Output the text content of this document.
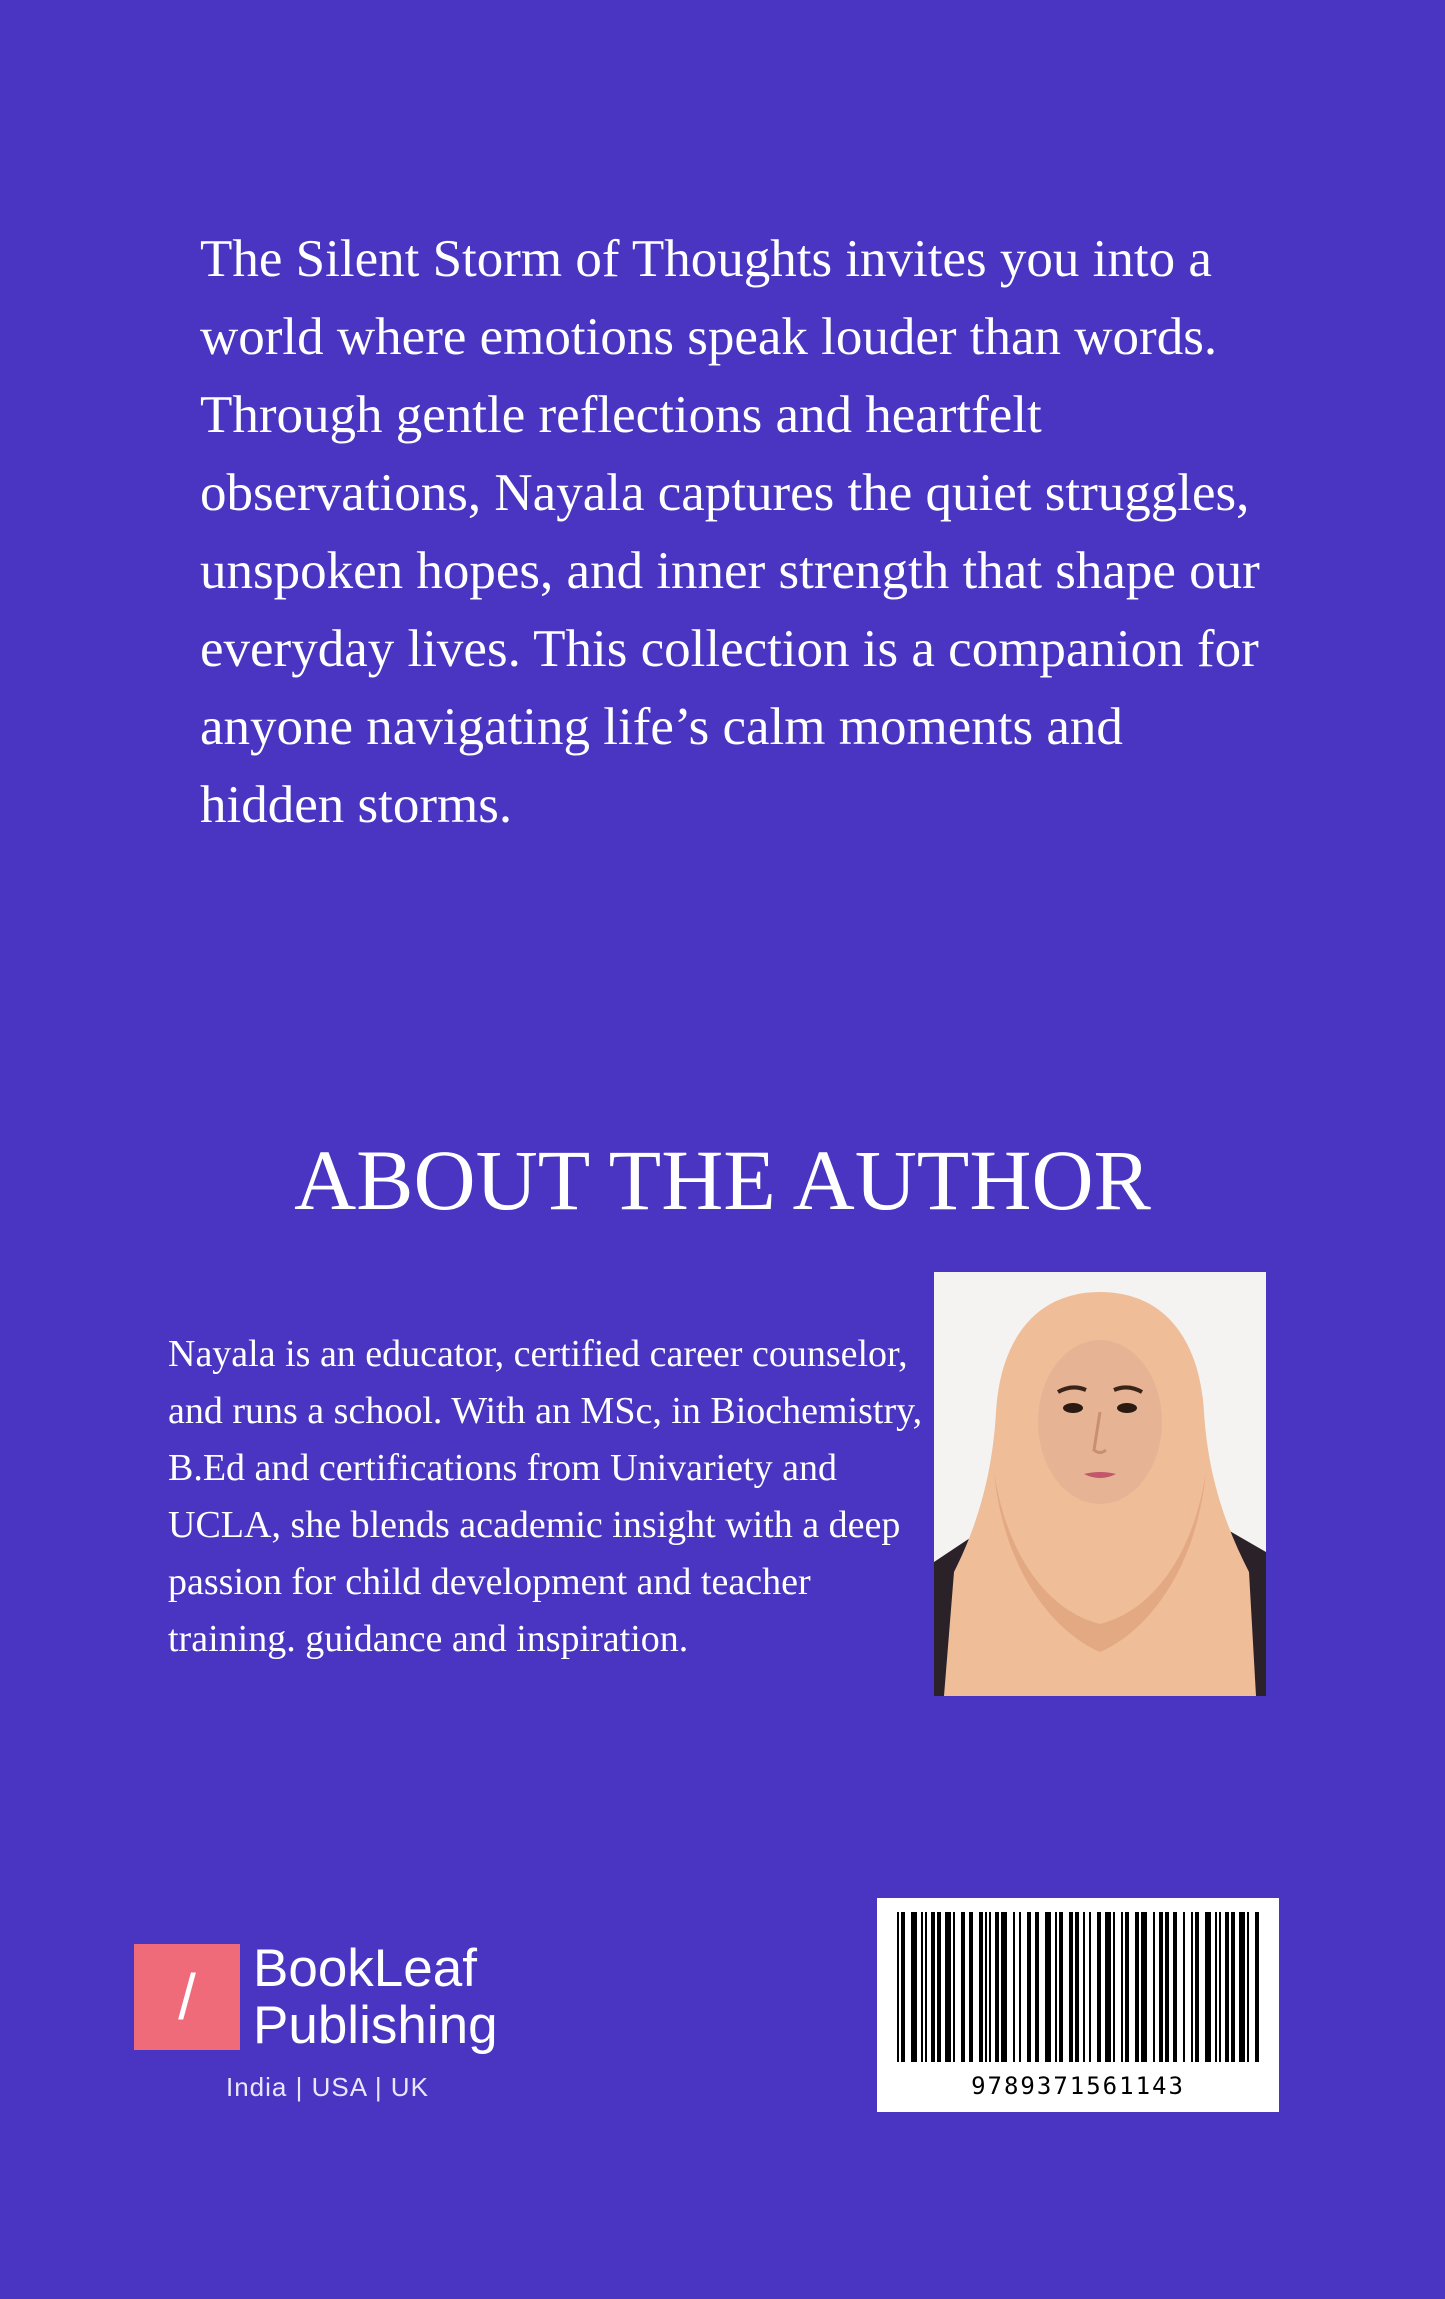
The Silent Storm of Thoughts invites you into a world where emotions speak louder than words. Through gentle reflections and heartfelt observations, Nayala captures the quiet struggles, unspoken hopes, and inner strength that shape our everyday lives. This collection is a companion for anyone navigating life’s calm moments and hidden storms.

ABOUT THE AUTHOR

Nayala is an educator, certified career counselor, and runs a school. With an MSc, in Biochemistry, B.Ed and certifications from Univariety and UCLA, she blends academic insight with a deep passion for child development and teacher training. guidance and inspiration.

/	BookLeaf
Publishing
India | USA | UK	9789371561143
